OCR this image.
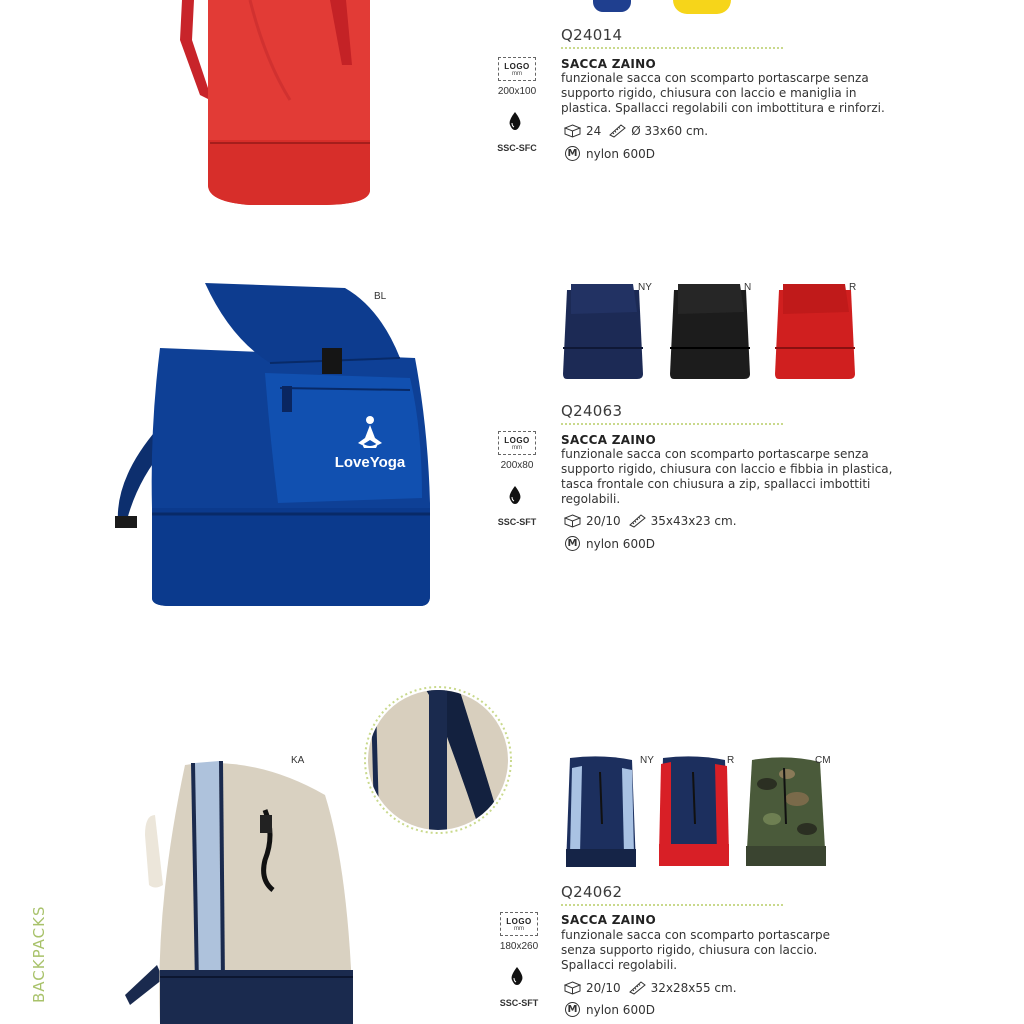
BACKPACKS
LOGO
mm
200x100
SSC-SFC
Q24014
SACCA ZAINO
funzionale sacca con scomparto portascarpe senza supporto rigido, chiusura con laccio e maniglia in plastica. Spallacci regolabili con imbottitura e rinforzi.
24	Ø 33x60 cm.
M nylon 600D
BL
LoveYoga
NY	N	R
LOGO
mm
200x80
SSC-SFT
Q24063
SACCA ZAINO
funzionale sacca con scomparto portascarpe senza supporto rigido, chiusura con laccio e fibbia in plastica, tasca frontale con chiusura a zip, spallacci imbottiti regolabili.
20/10	35x43x23 cm.
M nylon 600D
KA	NY	R	CM
LOGO
mm
180x260
SSC-SFT
Q24062
SACCA ZAINO
funzionale sacca con scomparto portascarpe senza supporto rigido, chiusura con laccio. Spallacci regolabili.
20/10	32x28x55 cm.
M nylon 600D
